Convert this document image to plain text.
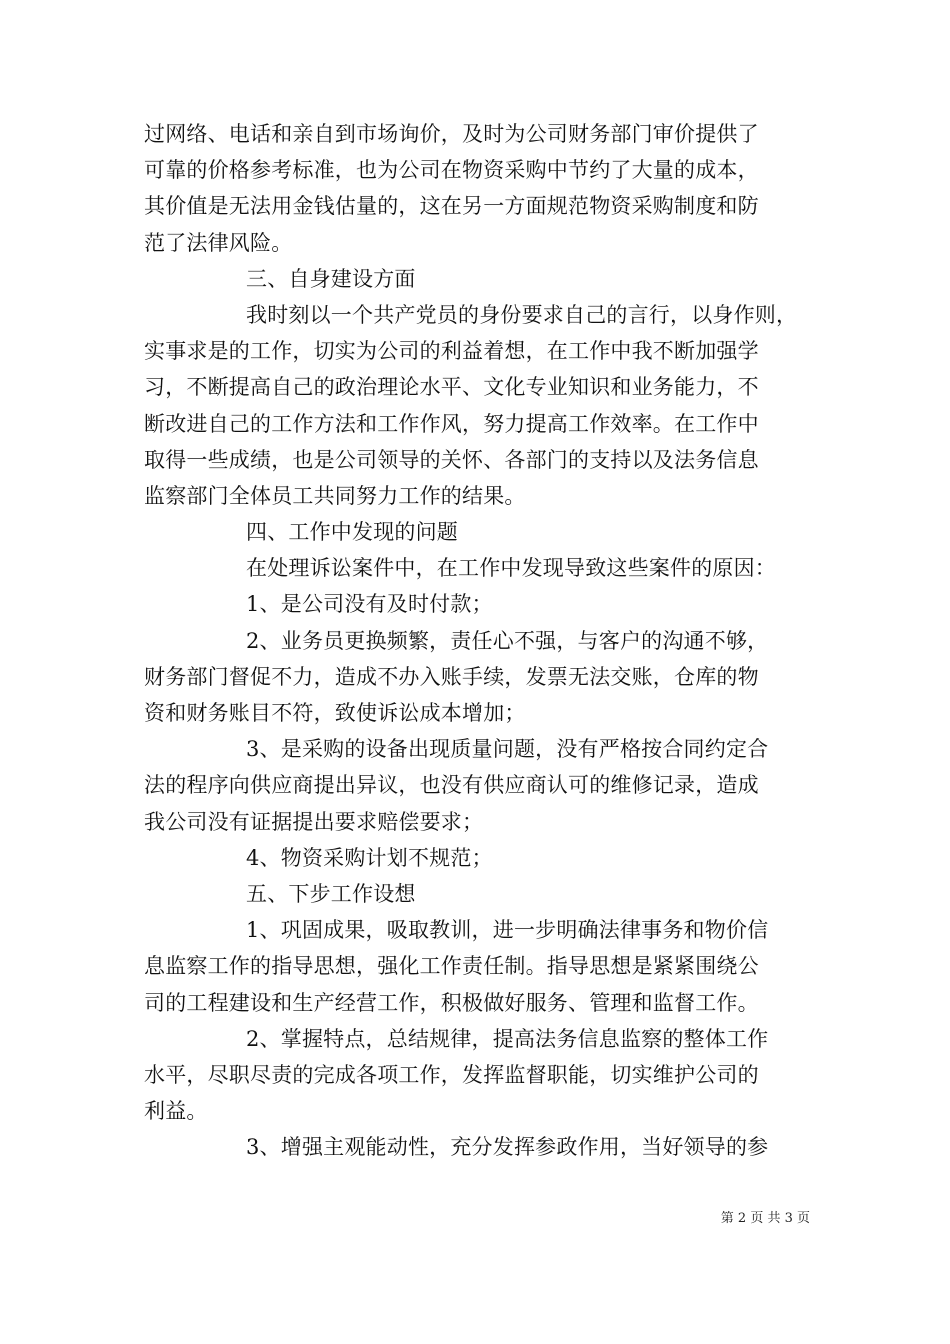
过网络、电话和亲自到市场询价，及时为公司财务部门审价提供了
可靠的价格参考标准，也为公司在物资采购中节约了大量的成本，
其价值是无法用金钱估量的，这在另一方面规范物资采购制度和防
范了法律风险。
三、自身建设方面
我时刻以一个共产党员的身份要求自己的言行，以身作则，
实事求是的工作，切实为公司的利益着想，在工作中我不断加强学
习，不断提高自己的政治理论水平、文化专业知识和业务能力，不
断改进自己的工作方法和工作作风，努力提高工作效率。在工作中
取得一些成绩，也是公司领导的关怀、各部门的支持以及法务信息
监察部门全体员工共同努力工作的结果。
四、工作中发现的问题
在处理诉讼案件中，在工作中发现导致这些案件的原因：
1、是公司没有及时付款；
2、业务员更换频繁，责任心不强，与客户的沟通不够，
财务部门督促不力，造成不办入账手续，发票无法交账，仓库的物
资和财务账目不符，致使诉讼成本增加；
3、是采购的设备出现质量问题，没有严格按合同约定合
法的程序向供应商提出异议，也没有供应商认可的维修记录，造成
我公司没有证据提出要求赔偿要求；
4、物资采购计划不规范；
五、下步工作设想
1、巩固成果，吸取教训，进一步明确法律事务和物价信
息监察工作的指导思想，强化工作责任制。指导思想是紧紧围绕公
司的工程建设和生产经营工作，积极做好服务、管理和监督工作。
2、掌握特点，总结规律，提高法务信息监察的整体工作
水平，尽职尽责的完成各项工作，发挥监督职能，切实维护公司的
利益。
3、增强主观能动性，充分发挥参政作用，当好领导的参
第 2 页 共 3 页
